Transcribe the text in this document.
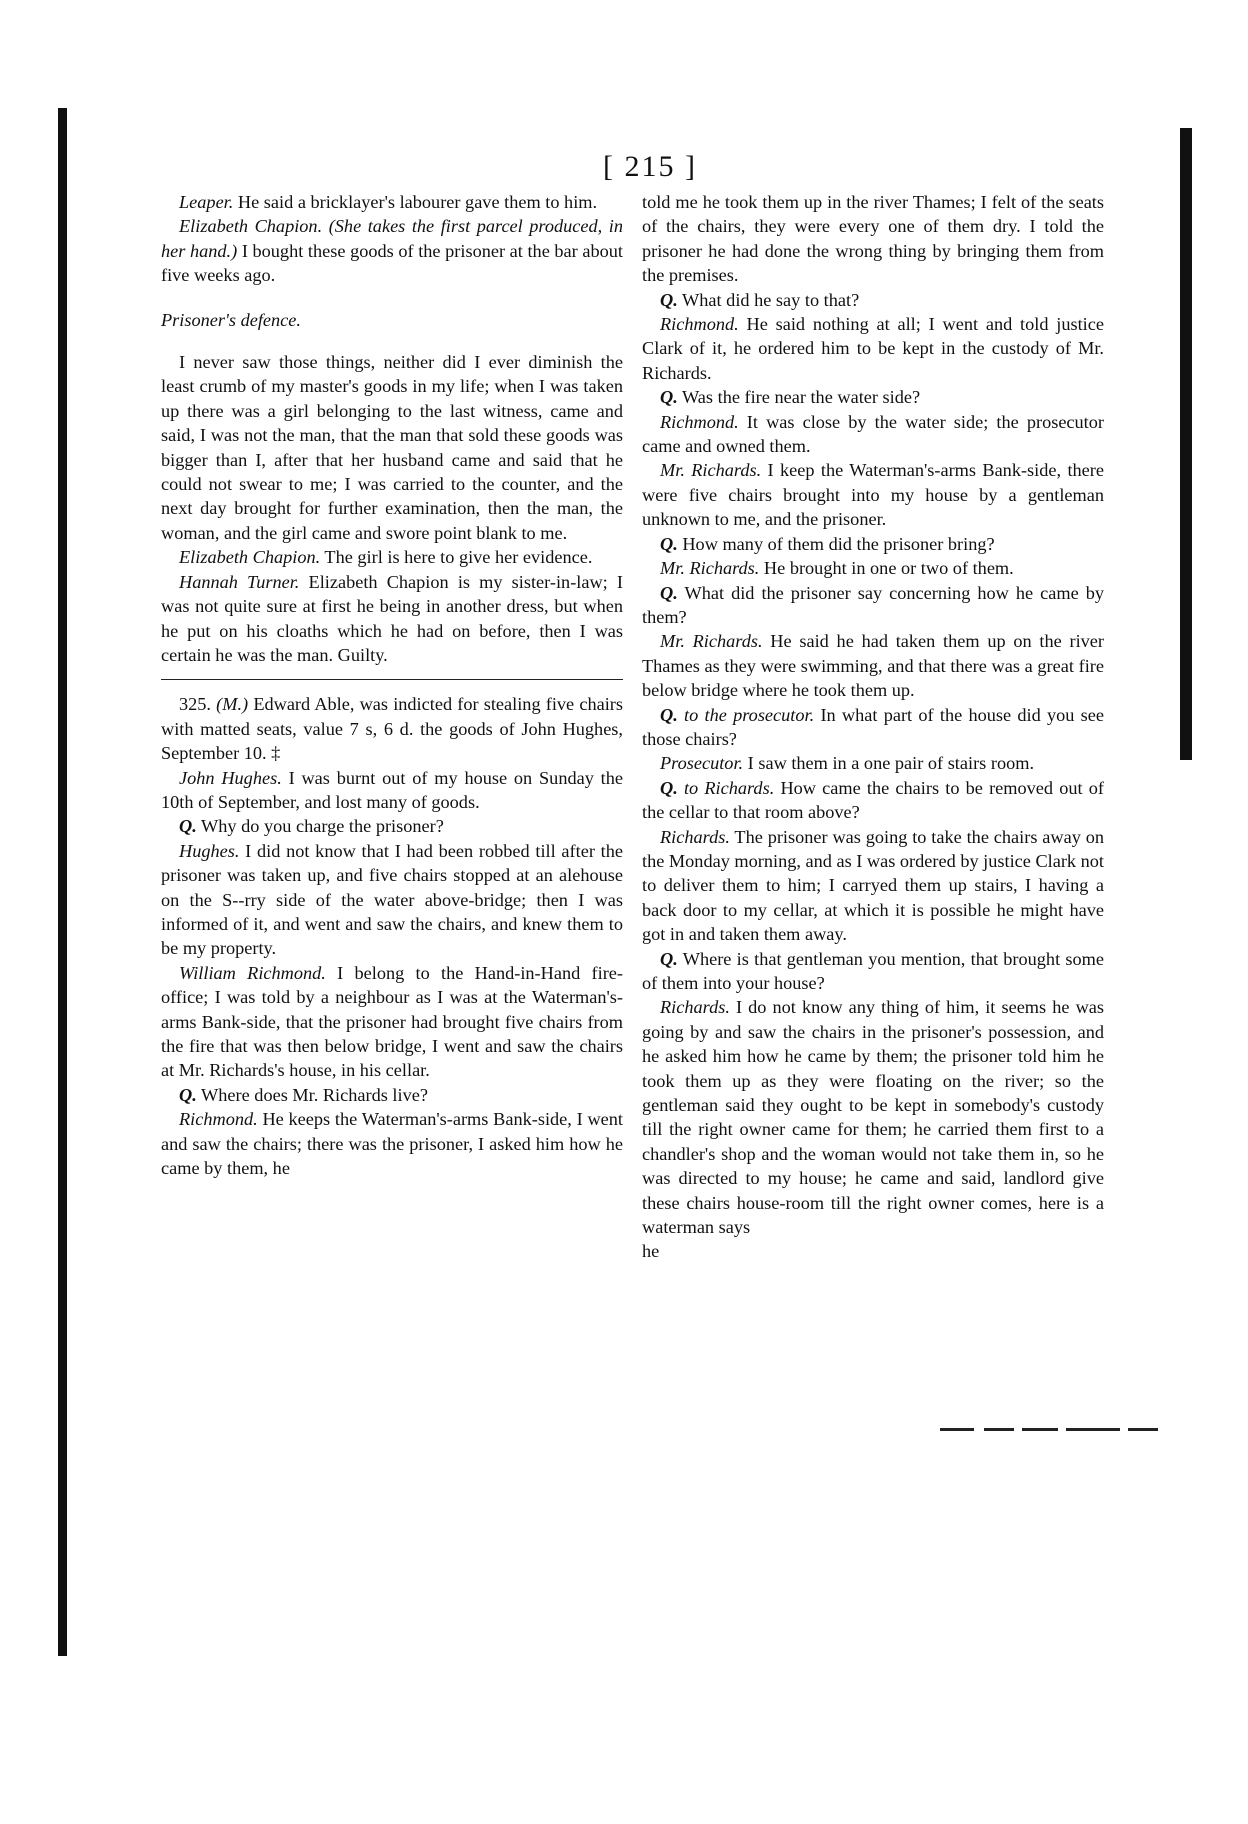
[ 215 ]

Leaper. He said a bricklayer's labourer gave them to him.

Elizabeth Chapion. (She takes the first parcel produced, in her hand.) I bought these goods of the prisoner at the bar about five weeks ago.

Prisoner's defence.

I never saw those things, neither did I ever diminish the least crumb of my master's goods in my life; when I was taken up there was a girl belonging to the last witness, came and said, I was not the man, that the man that sold these goods was bigger than I, after that her husband came and said that he could not swear to me; I was carried to the counter, and the next day brought for further examination, then the man, the woman, and the girl came and swore point blank to me.

Elizabeth Chapion. The girl is here to give her evidence.

Hannah Turner. Elizabeth Chapion is my sister-in-law; I was not quite sure at first he being in another dress, but when he put on his cloaths which he had on before, then I was certain he was the man. Guilty.

325. (M.) Edward Able, was indicted for stealing five chairs with matted seats, value 7 s, 6 d. the goods of John Hughes, September 10. ‡

John Hughes. I was burnt out of my house on Sunday the 10th of September, and lost many of goods.

Q. Why do you charge the prisoner?

Hughes. I did not know that I had been robbed till after the prisoner was taken up, and five chairs stopped at an alehouse on the S--rry side of the water above-bridge; then I was informed of it, and went and saw the chairs, and knew them to be my property.

William Richmond. I belong to the Hand-in-Hand fire-office; I was told by a neighbour as I was at the Waterman's-arms Bank-side, that the prisoner had brought five chairs from the fire that was then below bridge, I went and saw the chairs at Mr. Richards's house, in his cellar.

Q. Where does Mr. Richards live?

Richmond. He keeps the Waterman's-arms Bank-side, I went and saw the chairs; there was the prisoner, I asked him how he came by them, he

told me he took them up in the river Thames; I felt of the seats of the chairs, they were every one of them dry. I told the prisoner he had done the wrong thing by bringing them from the premises.

Q. What did he say to that?

Richmond. He said nothing at all; I went and told justice Clark of it, he ordered him to be kept in the custody of Mr. Richards.

Q. Was the fire near the water side?

Richmond. It was close by the water side; the prosecutor came and owned them.

Mr. Richards. I keep the Waterman's-arms Bank-side, there were five chairs brought into my house by a gentleman unknown to me, and the prisoner.

Q. How many of them did the prisoner bring?

Mr. Richards. He brought in one or two of them.

Q. What did the prisoner say concerning how he came by them?

Mr. Richards. He said he had taken them up on the river Thames as they were swimming, and that there was a great fire below bridge where he took them up.

Q. to the prosecutor. In what part of the house did you see those chairs?

Prosecutor. I saw them in a one pair of stairs room.

Q. to Richards. How came the chairs to be removed out of the cellar to that room above?

Richards. The prisoner was going to take the chairs away on the Monday morning, and as I was ordered by justice Clark not to deliver them to him; I carryed them up stairs, I having a back door to my cellar, at which it is possible he might have got in and taken them away.

Q. Where is that gentleman you mention, that brought some of them into your house?

Richards. I do not know any thing of him, it seems he was going by and saw the chairs in the prisoner's possession, and he asked him how he came by them; the prisoner told him he took them up as they were floating on the river; so the gentleman said they ought to be kept in somebody's custody till the right owner came for them; he carried them first to a chandler's shop and the woman would not take them in, so he was directed to my house; he came and said, landlord give these chairs house-room till the right owner comes, here is a waterman says

he
